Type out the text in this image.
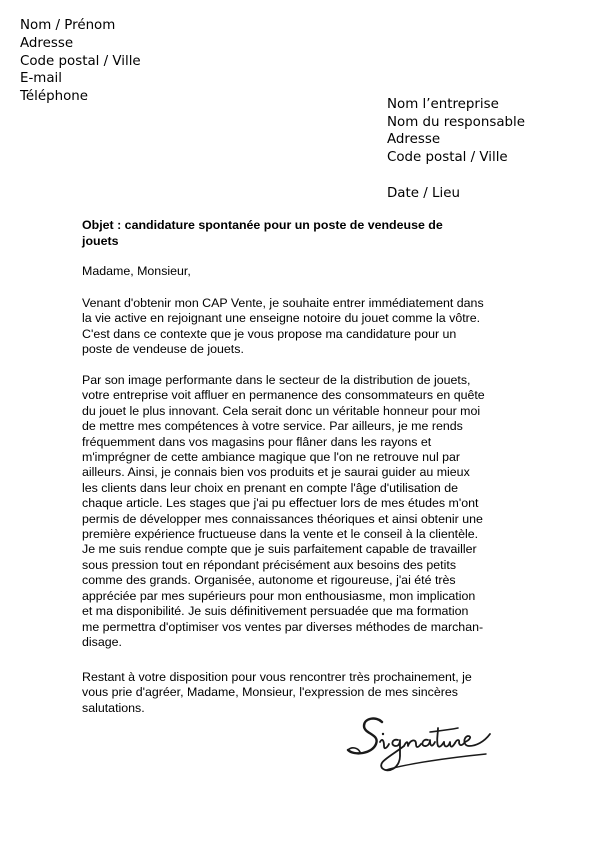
Nom / Prénom
Adresse
Code postal / Ville
E-mail
Téléphone
Nom l’entreprise
Nom du responsable
Adresse
Code postal / Ville
Date / Lieu
Objet : candidature spontanée pour un poste de vendeuse de
jouets
Madame, Monsieur,
Venant d'obtenir mon CAP Vente, je souhaite entrer immédiatement dans
la vie active en rejoignant une enseigne notoire du jouet comme la vôtre.
C'est dans ce contexte que je vous propose ma candidature pour un
poste de vendeuse de jouets.
Par son image performante dans le secteur de la distribution de jouets,
votre entreprise voit affluer en permanence des consommateurs en quête
du jouet le plus innovant. Cela serait donc un véritable honneur pour moi
de mettre mes compétences à votre service. Par ailleurs, je me rends
fréquemment dans vos magasins pour flâner dans les rayons et
m'imprégner de cette ambiance magique que l'on ne retrouve nul par
ailleurs. Ainsi, je connais bien vos produits et je saurai guider au mieux
les clients dans leur choix en prenant en compte l'âge d'utilisation de
chaque article. Les stages que j'ai pu effectuer lors de mes études m'ont
permis de développer mes connaissances théoriques et ainsi obtenir une
première expérience fructueuse dans la vente et le conseil à la clientèle.
Je me suis rendue compte que je suis parfaitement capable de travailler
sous pression tout en répondant précisément aux besoins des petits
comme des grands. Organisée, autonome et rigoureuse, j'ai été très
appréciée par mes supérieurs pour mon enthousiasme, mon implication
et ma disponibilité. Je suis définitivement persuadée que ma formation
me permettra d'optimiser vos ventes par diverses méthodes de marchan-
disage.
Restant à votre disposition pour vous rencontrer très prochainement, je
vous prie d'agréer, Madame, Monsieur, l'expression de mes sincères
salutations.
